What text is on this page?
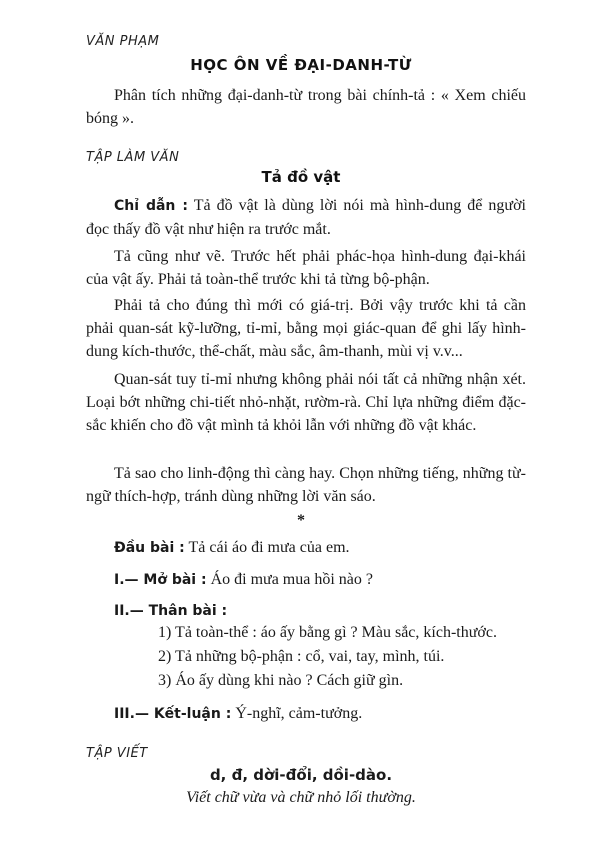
VĂN PHẠM
HỌC ÔN VỀ ĐẠI-DANH-TỪ
Phân tích những đại-danh-từ trong bài chính-tả : « Xem chiếu bóng ».
TẬP LÀM VĂN
Tả đồ vật
Chỉ dẫn : Tả đồ vật là dùng lời nói mà hình-dung để người đọc thấy đồ vật như hiện ra trước mắt.
Tả cũng như vẽ. Trước hết phải phác-họa hình-dung đại-khái của vật ấy. Phải tả toàn-thể trước khi tả từng bộ-phận.
Phải tả cho đúng thì mới có giá-trị. Bởi vậy trước khi tả cần phải quan-sát kỹ-lưỡng, tỉ-mỉ, bằng mọi giác-quan để ghi lấy hình-dung kích-thước, thể-chất, màu sắc, âm-thanh, mùi vị v.v...
Quan-sát tuy tỉ-mỉ nhưng không phải nói tất cả những nhận xét. Loại bớt những chi-tiết nhỏ-nhặt, rườm-rà. Chỉ lựa những điểm đặc-sắc khiến cho đồ vật mình tả khỏi lẫn với những đồ vật khác.
Tả sao cho linh-động thì càng hay. Chọn những tiếng, những từ-ngữ thích-hợp, tránh dùng những lời văn sáo.
*
Đầu bài : Tả cái áo đi mưa của em.
I.— Mở bài : Áo đi mưa mua hồi nào ?
II.— Thân bài :
1) Tả toàn-thể : áo ấy bằng gì ? Màu sắc, kích-thước.
2) Tả những bộ-phận : cổ, vai, tay, mình, túi.
3) Áo ấy dùng khi nào ? Cách giữ gìn.
III.— Kết-luận : Ý-nghĩ, cảm-tưởng.
TẬP VIẾT
d, đ, dời-đổi, dồi-dào.
Viết chữ vừa và chữ nhỏ lối thường.
